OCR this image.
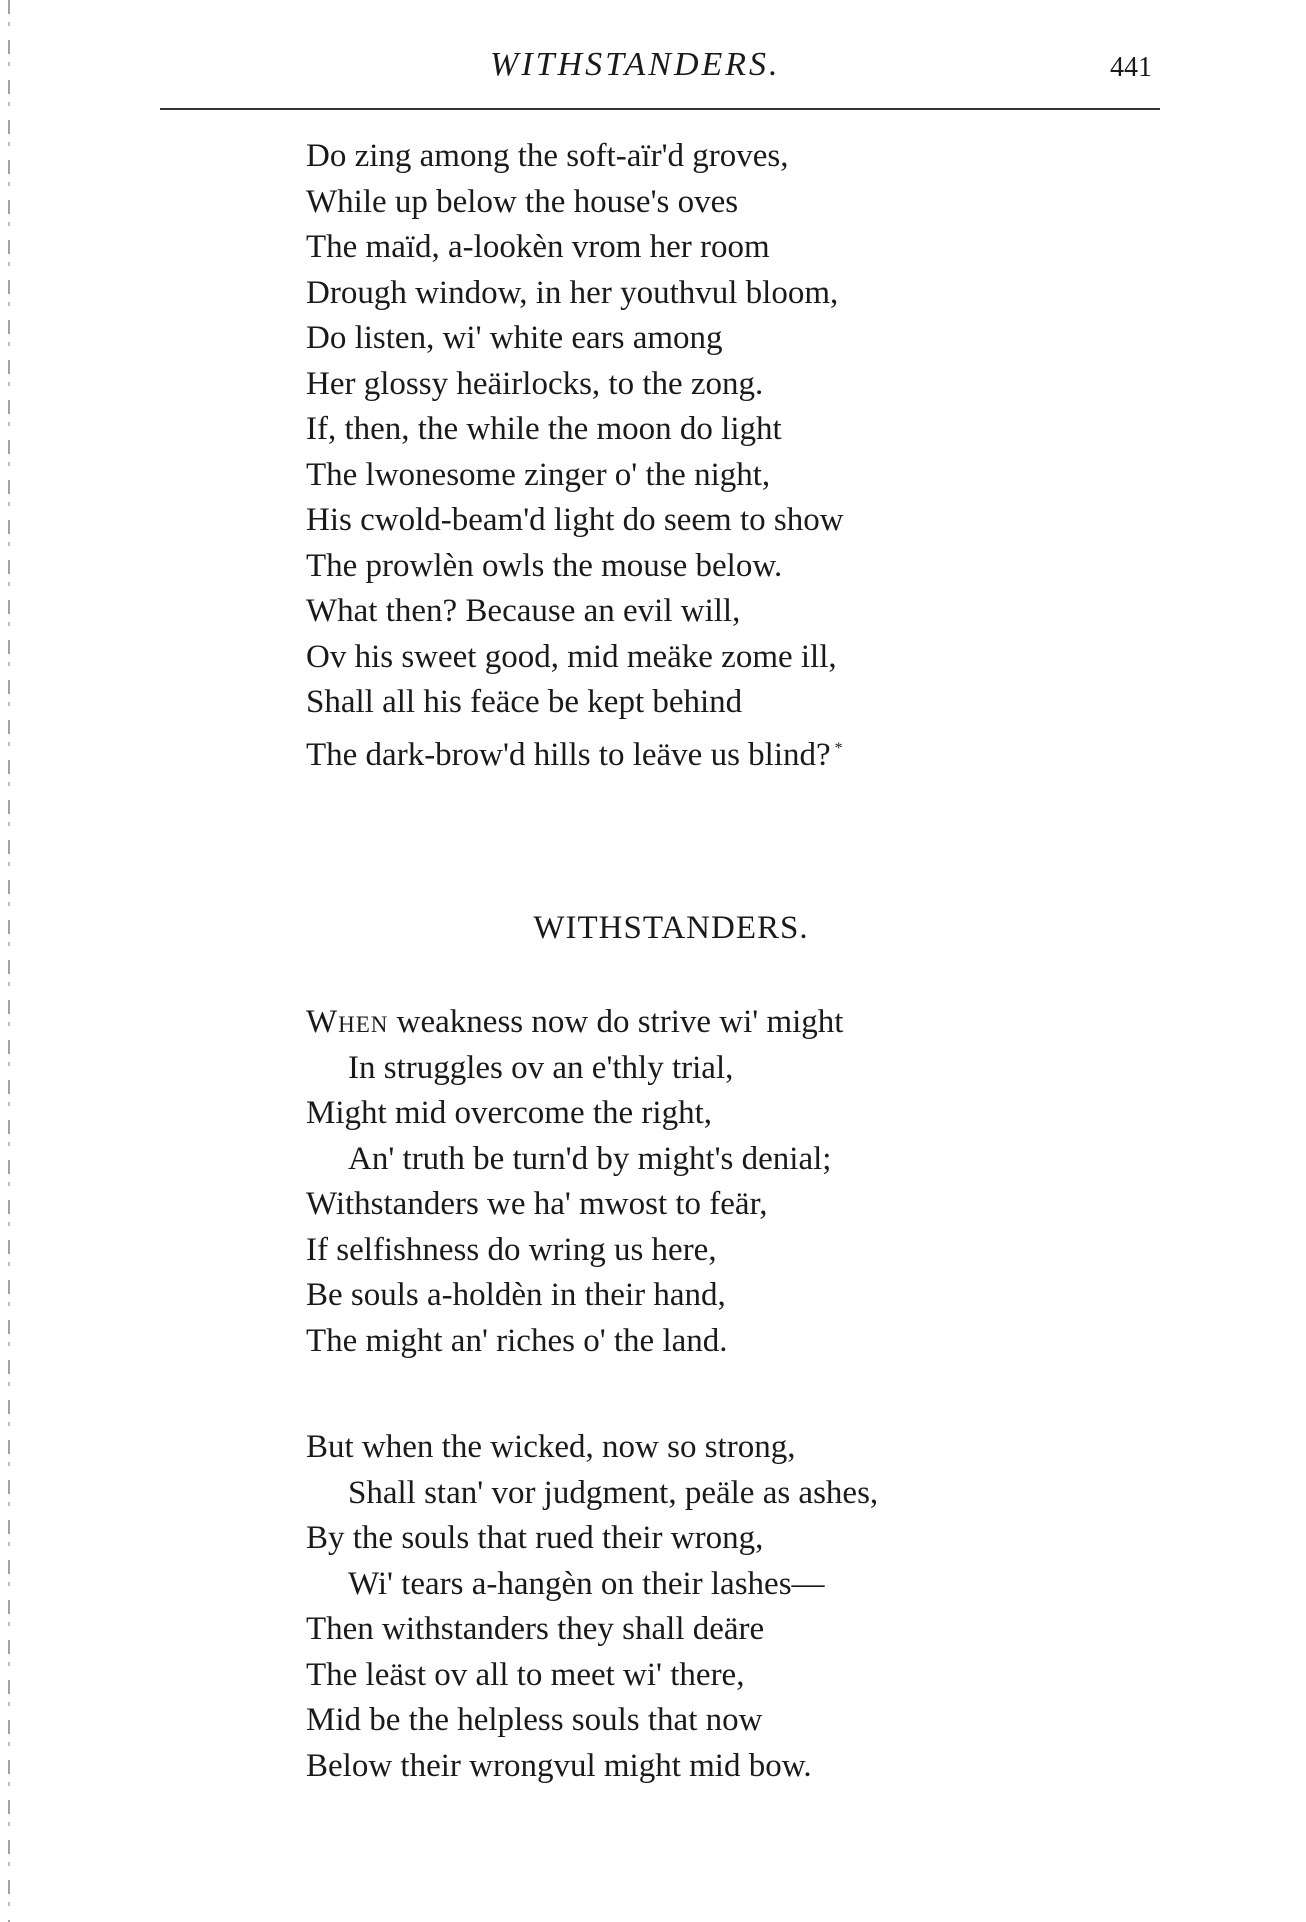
WITHSTANDERS.	441
Do zing among the soft-aïr'd groves,
While up below the house's oves
The maïd, a-lookèn vrom her room
Drough window, in her youthvul bloom,
Do listen, wi' white ears among
Her glossy heäirlocks, to the zong.
If, then, the while the moon do light
The lwonesome zinger o' the night,
His cwold-beam'd light do seem to show
The prowlèn owls the mouse below.
What then? Because an evil will,
Ov his sweet good, mid meäke zome ill,
Shall all his feäce be kept behind
The dark-brow'd hills to leäve us blind? *
WITHSTANDERS.
When weakness now do strive wi' might
In struggles ov an e'thly trial,
Might mid overcome the right,
An' truth be turn'd by might's denial;
Withstanders we ha' mwost to feär,
If selfishness do wring us here,
Be souls a-holdèn in their hand,
The might an' riches o' the land.
But when the wicked, now so strong,
Shall stan' vor judgment, peäle as ashes,
By the souls that rued their wrong,
Wi' tears a-hangèn on their lashes—
Then withstanders they shall deäre
The leäst ov all to meet wi' there,
Mid be the helpless souls that now
Below their wrongvul might mid bow.
